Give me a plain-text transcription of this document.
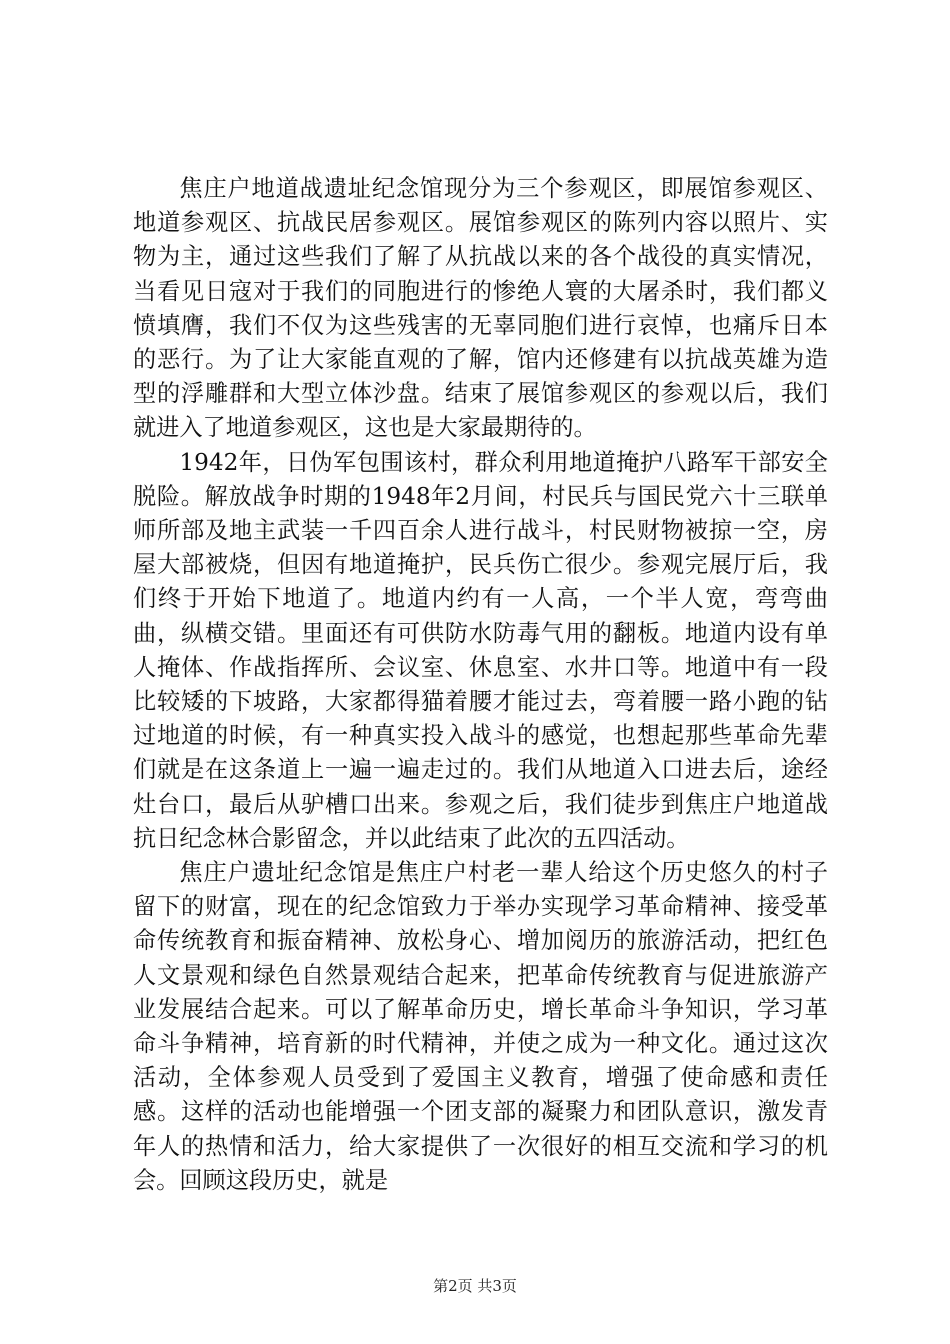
焦庄户地道战遗址纪念馆现分为三个参观区，即展馆参观区、地道参观区、抗战民居参观区。展馆参观区的陈列内容以照片、实物为主，通过这些我们了解了从抗战以来的各个战役的真实情况，当看见日寇对于我们的同胞进行的惨绝人寰的大屠杀时，我们都义愤填膺，我们不仅为这些残害的无辜同胞们进行哀悼，也痛斥日本的恶行。为了让大家能直观的了解，馆内还修建有以抗战英雄为造型的浮雕群和大型立体沙盘。结束了展馆参观区的参观以后，我们就进入了地道参观区，这也是大家最期待的。

1942年，日伪军包围该村，群众利用地道掩护八路军干部安全脱险。解放战争时期的1948年2月间，村民兵与国民党六十三联单师所部及地主武装一千四百余人进行战斗，村民财物被掠一空，房屋大部被烧，但因有地道掩护，民兵伤亡很少。参观完展厅后，我们终于开始下地道了。地道内约有一人高，一个半人宽，弯弯曲曲，纵横交错。里面还有可供防水防毒气用的翻板。地道内设有单人掩体、作战指挥所、会议室、休息室、水井口等。地道中有一段比较矮的下坡路，大家都得猫着腰才能过去，弯着腰一路小跑的钻过地道的时候，有一种真实投入战斗的感觉，也想起那些革命先辈们就是在这条道上一遍一遍走过的。我们从地道入口进去后，途经灶台口，最后从驴槽口出来。参观之后，我们徒步到焦庄户地道战抗日纪念林合影留念，并以此结束了此次的五四活动。

焦庄户遗址纪念馆是焦庄户村老一辈人给这个历史悠久的村子留下的财富，现在的纪念馆致力于举办实现学习革命精神、接受革命传统教育和振奋精神、放松身心、增加阅历的旅游活动，把红色人文景观和绿色自然景观结合起来，把革命传统教育与促进旅游产业发展结合起来。可以了解革命历史，增长革命斗争知识，学习革命斗争精神，培育新的时代精神，并使之成为一种文化。通过这次活动，全体参观人员受到了爱国主义教育，增强了使命感和责任感。这样的活动也能增强一个团支部的凝聚力和团队意识，激发青年人的热情和活力，给大家提供了一次很好的相互交流和学习的机会。回顾这段历史，就是

第2页 共3页
